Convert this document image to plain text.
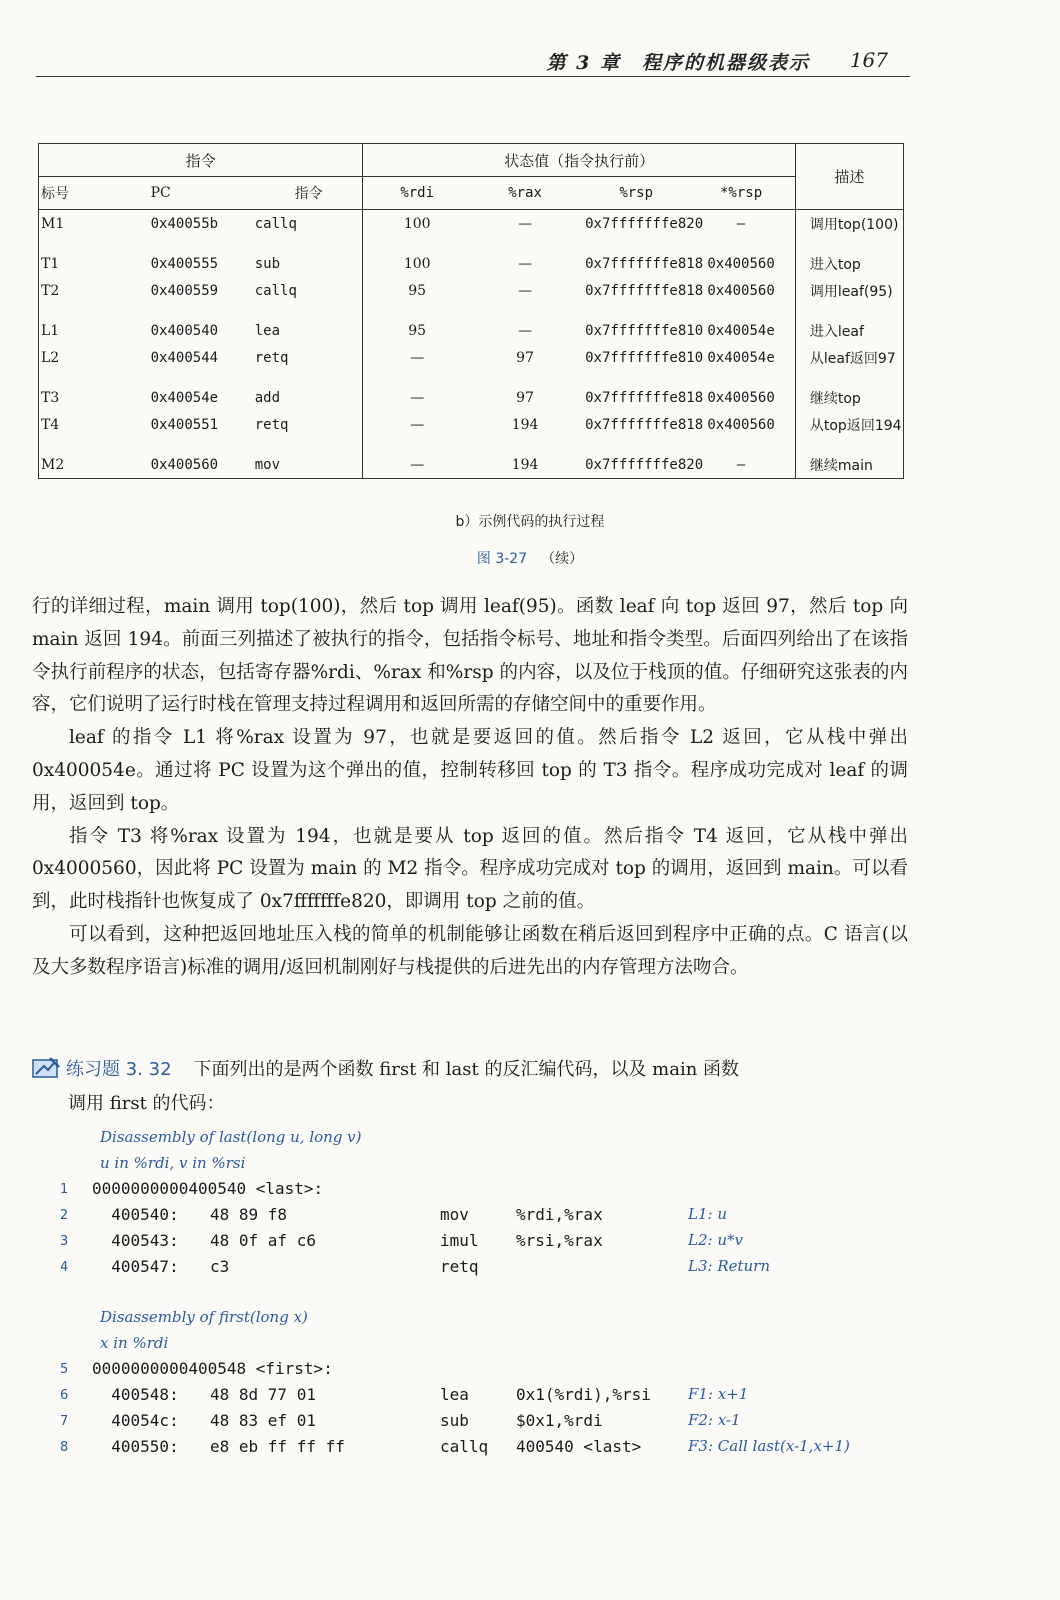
第 3 章　程序的机器级表示 167
指令			状态值（指令执行前）				描述
标号	PC	指令	%rdi	%rax	%rsp	*%rsp	
M1	0x40055b	callq	100	—	0x7fffffffe820	—	调用top(100)

T1	0x400555	sub	100	—	0x7fffffffe818	0x400560	进入top
T2	0x400559	callq	95	—	0x7fffffffe818	0x400560	调用leaf(95)

L1	0x400540	lea	95	—	0x7fffffffe810	0x40054e	进入leaf
L2	0x400544	retq	—	97	0x7fffffffe810	0x40054e	从leaf返回97

T3	0x40054e	add	—	97	0x7fffffffe818	0x400560	继续top
T4	0x400551	retq	—	194	0x7fffffffe818	0x400560	从top返回194

M2	0x400560	mov	—	194	0x7fffffffe820	—	继续main
b）示例代码的执行过程
图 3-27 （续）

行的详细过程，main 调用 top(100)，然后 top 调用 leaf(95)。函数 leaf 向 top 返回 97，然后 top 向 main 返回 194。前面三列描述了被执行的指令，包括指令标号、地址和指令类型。后面四列给出了在该指令执行前程序的状态，包括寄存器%rdi、%rax 和%rsp 的内容，以及位于栈顶的值。仔细研究这张表的内容，它们说明了运行时栈在管理支持过程调用和返回所需的存储空间中的重要作用。

leaf 的指令 L1 将%rax 设置为 97，也就是要返回的值。然后指令 L2 返回，它从栈中弹出 0x400054e。通过将 PC 设置为这个弹出的值，控制转移回 top 的 T3 指令。程序成功完成对 leaf 的调用，返回到 top。

指令 T3 将%rax 设置为 194，也就是要从 top 返回的值。然后指令 T4 返回，它从栈中弹出 0x4000560，因此将 PC 设置为 main 的 M2 指令。程序成功完成对 top 的调用，返回到 main。可以看到，此时栈指针也恢复成了 0x7fffffffe820，即调用 top 之前的值。

可以看到，这种把返回地址压入栈的简单的机制能够让函数在稍后返回到程序中正确的点。C 语言(以及大多数程序语言)标准的调用/返回机制刚好与栈提供的后进先出的内存管理方法吻合。

练习题 3. 32 下面列出的是两个函数 first 和 last 的反汇编代码，以及 main 函数
调用 first 的代码：
Disassembly of last(long u, long v)
u in %rdi, v in %rsi
Disassembly of first(long x)
x in %rdi
1	0000000000400540 <last>:
2	400540: 48 89 f8	mov	%rdi,%rax	L1: u
3	400543: 48 0f af c6	imul %rsi,%rax	L2: u*v
4	400547: c3	retq	L3: Return
5	0000000000400548 <first>:
6	400548: 48 8d 77 01	lea	0x1(%rdi),%rsi F1: x+1
7	40054c: 48 83 ef 01	sub	$0x1,%rdi	F2: x-1
8	400550: e8 eb ff ff ff	callq 400540 <last>	F3: Call last(x-1,x+1)
